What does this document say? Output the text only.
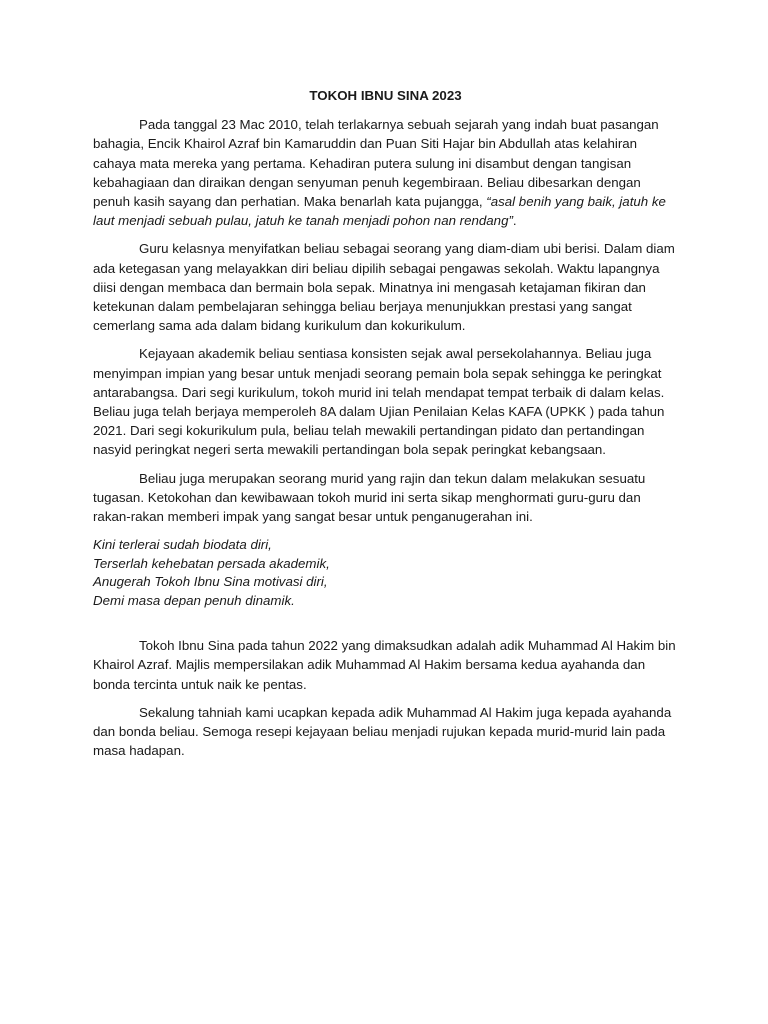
TOKOH IBNU SINA 2023

Pada tanggal 23 Mac 2010, telah terlakarnya sebuah sejarah yang indah buat pasangan bahagia, Encik Khairol Azraf bin Kamaruddin dan Puan Siti Hajar bin Abdullah atas kelahiran cahaya mata mereka yang pertama. Kehadiran putera sulung ini disambut dengan tangisan kebahagiaan dan diraikan dengan senyuman penuh kegembiraan. Beliau dibesarkan dengan penuh kasih sayang dan perhatian. Maka benarlah kata pujangga, “asal benih yang baik, jatuh ke laut menjadi sebuah pulau, jatuh ke tanah menjadi pohon nan rendang”.

Guru kelasnya menyifatkan beliau sebagai seorang yang diam-diam ubi berisi. Dalam diam ada ketegasan yang melayakkan diri beliau dipilih sebagai pengawas sekolah. Waktu lapangnya diisi dengan membaca dan bermain bola sepak. Minatnya ini mengasah ketajaman fikiran dan ketekunan dalam pembelajaran sehingga beliau berjaya menunjukkan prestasi yang sangat cemerlang sama ada dalam bidang kurikulum dan kokurikulum.

Kejayaan akademik beliau sentiasa konsisten sejak awal persekolahannya. Beliau juga menyimpan impian yang besar untuk menjadi seorang pemain bola sepak sehingga ke peringkat antarabangsa. Dari segi kurikulum, tokoh murid ini telah mendapat tempat terbaik di dalam kelas. Beliau juga telah berjaya memperoleh 8A dalam Ujian Penilaian Kelas KAFA (UPKK ) pada tahun 2021. Dari segi kokurikulum pula, beliau telah mewakili pertandingan pidato dan pertandingan nasyid peringkat negeri serta mewakili pertandingan bola sepak peringkat kebangsaan.

Beliau juga merupakan seorang murid yang rajin dan tekun dalam melakukan sesuatu tugasan. Ketokohan dan kewibawaan tokoh murid ini serta sikap menghormati guru-guru dan rakan-rakan memberi impak yang sangat besar untuk penganugerahan ini.

Kini terlerai sudah biodata diri,
Terserlah kehebatan persada akademik,
Anugerah Tokoh Ibnu Sina motivasi diri,
Demi masa depan penuh dinamik.

Tokoh Ibnu Sina pada tahun 2022 yang dimaksudkan adalah adik Muhammad Al Hakim bin Khairol Azraf. Majlis mempersilakan adik Muhammad Al Hakim bersama kedua ayahanda dan bonda tercinta untuk naik ke pentas.

Sekalung tahniah kami ucapkan kepada adik Muhammad Al Hakim juga kepada ayahanda dan bonda beliau. Semoga resepi kejayaan beliau menjadi rujukan kepada murid-murid lain pada masa hadapan.
